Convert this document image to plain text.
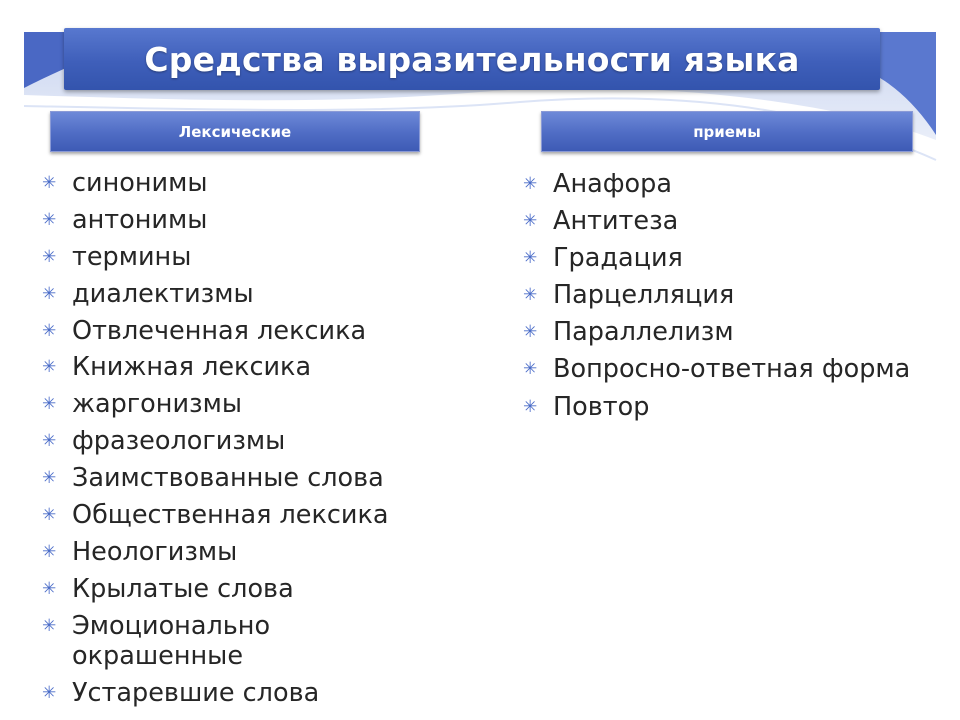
Средства выразительности языка
Лексические	приемы
✳ синонимы
✳ антонимы
✳ термины
✳ диалектизмы
✳ Отвлеченная лексика
✳ Книжная лексика
✳ жаргонизмы
✳ фразеологизмы
✳ Заимствованные слова
✳ Общественная лексика
✳ Неологизмы
✳ Крылатые слова
✳ Эмоционально окрашенные
✳ Устаревшие слова
✳ Анафора
✳ Антитеза
✳ Градация
✳ Парцелляция
✳ Параллелизм
✳ Вопросно-ответная форма
✳ Повтор
